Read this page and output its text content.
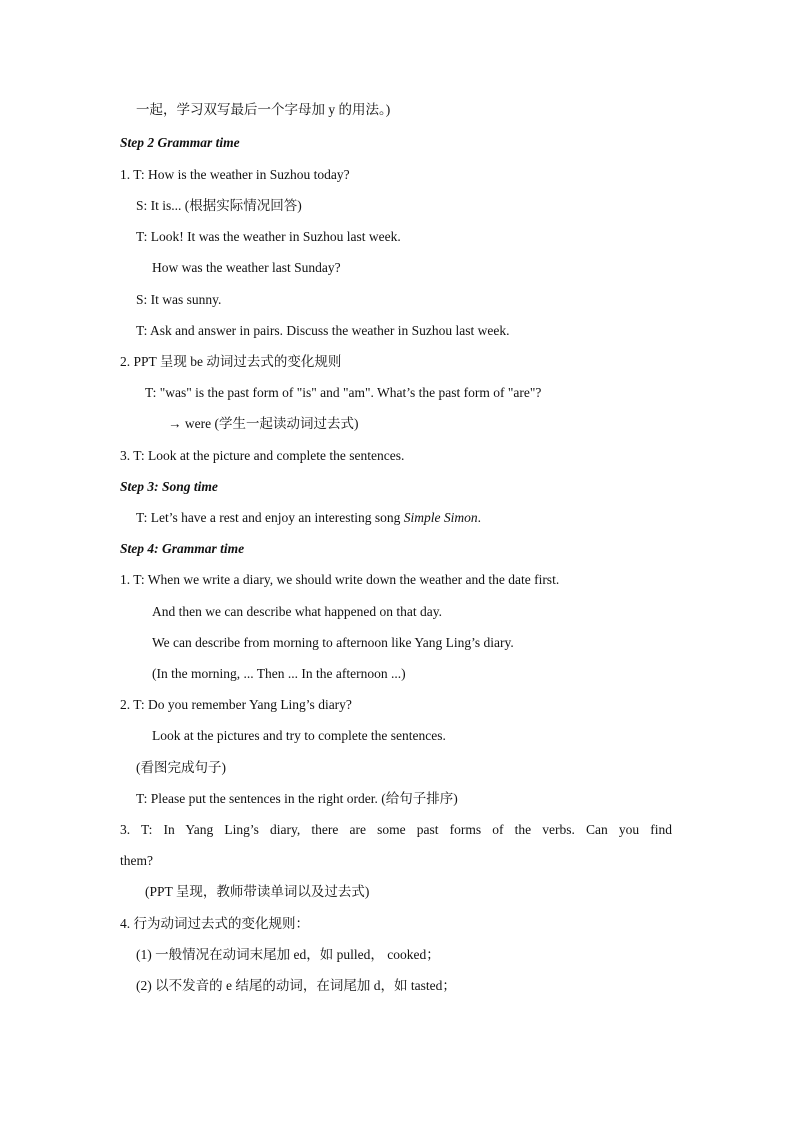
一起，学习双写最后一个字母加 y 的用法。)
Step 2 Grammar time
1. T: How is the weather in Suzhou today?
S: It is... (根据实际情况回答)
T: Look! It was the weather in Suzhou last week.
How was the weather last Sunday?
S: It was sunny.
T: Ask and answer in pairs. Discuss the weather in Suzhou last week.
2. PPT 呈现 be 动词过去式的变化规则
T: "was" is the past form of "is" and "am". What’s the past form of "are"?
→ were (学生一起读动词过去式)
3. T: Look at the picture and complete the sentences.
Step 3: Song time
T: Let’s have a rest and enjoy an interesting song Simple Simon.
Step 4: Grammar time
1. T: When we write a diary, we should write down the weather and the date first.
And then we can describe what happened on that day.
We can describe from morning to afternoon like Yang Ling’s diary.
(In the morning, ... Then ... In the afternoon ...)
2. T: Do you remember Yang Ling’s diary?
Look at the pictures and try to complete the sentences.
(看图完成句子)
T: Please put the sentences in the right order. (给句子排序)
3. T: In Yang Ling’s diary, there are some past forms of the verbs. Can you find
them?
(PPT 呈现，教师带读单词以及过去式)
4. 行为动词过去式的变化规则：
(1) 一般情况在动词末尾加 ed，如 pulled， cooked；
(2) 以不发音的 e 结尾的动词，在词尾加 d，如 tasted；
